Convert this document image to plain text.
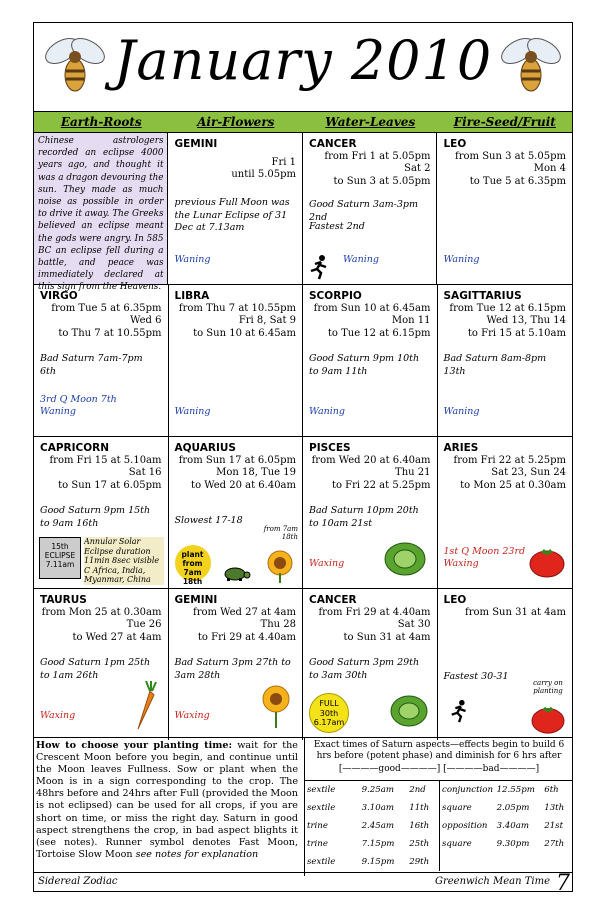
January 2010
Earth-Roots	Air-Flowers	Water-Leaves	Fire-Seed/Fruit
Chinese astrologers recorded an eclipse 4000 years ago, and thought it was a dragon devouring the sun. They made as much noise as possible in order to drive it away. The Greeks believed an eclipse meant the gods were angry. In 585 BC an eclipse fell during a battle, and peace was immediately declared at this sign from the Heavens.
GEMINI
Fri 1
until 5.05pm
previous Full Moon was the Lunar Eclipse of 31 Dec at 7.13am
Waning
CANCER
from Fri 1 at 5.05pm
Sat 2
to Sun 3 at 5.05pm
Good Saturn 3am-3pm 2nd
Fastest 2nd
Waning
LEO
from Sun 3 at 5.05pm
Mon 4
to Tue 5 at 6.35pm
Waning
VIRGO
from Tue 5 at 6.35pm
Wed 6
to Thu 7 at 10.55pm
Bad Saturn 7am-7pm 6th
3rd Q Moon 7th
Waning
LIBRA
from Thu 7 at 10.55pm
Fri 8, Sat 9
to Sun 10 at 6.45am
Waning
SCORPIO
from Sun 10 at 6.45am
Mon 11
to Tue 12 at 6.15pm
Good Saturn 9pm 10th to 9am 11th
Waning
SAGITTARIUS
from Tue 12 at 6.15pm
Wed 13, Thu 14
to Fri 15 at 5.10am
Bad Saturn 8am-8pm 13th
Waning
CAPRICORN
from Fri 15 at 5.10am
Sat 16
to Sun 17 at 6.05pm
Good Saturn 9pm 15th to 9am 16th
15th
ECLIPSE
7.11am
Annular Solar Eclipse duration 11min 8sec visible C Africa, India, Myanmar, China
AQUARIUS
from Sun 17 at 6.05pm
Mon 18, Tue 19
to Wed 20 at 6.40am
Slowest 17-18
from 7am 18th
plant
from 7am
18th
PISCES
from Wed 20 at 6.40am
Thu 21
to Fri 22 at 5.25pm
Bad Saturn 10pm 20th to 10am 21st
Waxing
ARIES
from Fri 22 at 5.25pm
Sat 23, Sun 24
to Mon 25 at 0.30am
1st Q Moon 23rd
Waxing
TAURUS
from Mon 25 at 0.30am
Tue 26
to Wed 27 at 4am
Good Saturn 1pm 25th to 1am 26th
Waxing
GEMINI
from Wed 27 at 4am
Thu 28
to Fri 29 at 4.40am
Bad Saturn 3pm 27th to 3am 28th
Waxing
CANCER
from Fri 29 at 4.40am
Sat 30
to Sun 31 at 4am
Good Saturn 3pm 29th to 3am 30th
FULL
30th
6.17am
LEO
from Sun 31 at 4am
Fastest 30-31
carry on planting
How to choose your planting time: wait for the Crescent Moon before you begin, and continue until the Moon leaves Fullness. Sow or plant when the Moon is in a sign corresponding to the crop. The 48hrs before and 24hrs after Full (provided the Moon is not eclipsed) can be used for all crops, if you are short on time, or miss the right day. Saturn in good aspect strengthens the crop, in bad aspect blights it (see notes). Runner symbol denotes Fast Moon, Tortoise Slow Moon see notes for explanation
Exact times of Saturn aspects—effects begin to build 6 hrs before (potent phase) and diminish for 6 hrs after
[————good————] [————bad————]
sextile	9.25am	2nd
sextile	3.10am	11th
trine	2.45am	16th
trine	7.15pm	25th
sextile	9.15pm	29th
conjunction 12.55pm	6th
square	2.05pm	13th
opposition	3.40am	21st
square	9.30pm	27th
Sidereal Zodiac	Greenwich Mean Time 7
